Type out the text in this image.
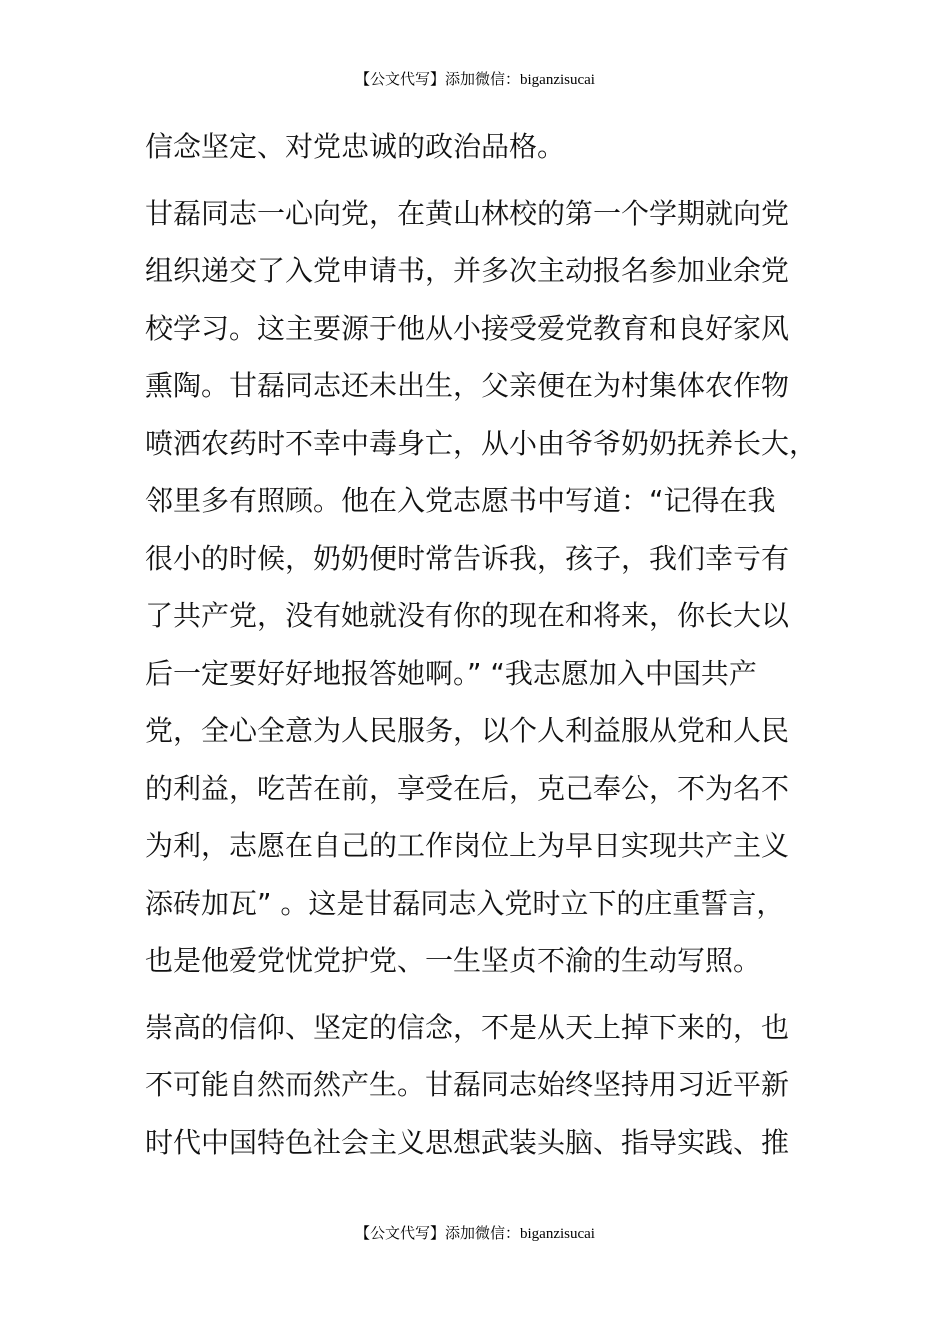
【公文代写】添加微信：biganzisucai

信念坚定、对党忠诚的政治品格。

甘磊同志一心向党，在黄山林校的第一个学期就向党
组织递交了入党申请书，并多次主动报名参加业余党
校学习。这主要源于他从小接受爱党教育和良好家风
熏陶。甘磊同志还未出生，父亲便在为村集体农作物
喷洒农药时不幸中毒身亡，从小由爷爷奶奶抚养长大，
邻里多有照顾。他在入党志愿书中写道：“记得在我
很小的时候，奶奶便时常告诉我，孩子，我们幸亏有
了共产党，没有她就没有你的现在和将来，你长大以
后一定要好好地报答她啊。” “我志愿加入中国共产
党，全心全意为人民服务，以个人利益服从党和人民
的利益，吃苦在前，享受在后，克己奉公，不为名不
为利，志愿在自己的工作岗位上为早日实现共产主义
添砖加瓦” 。这是甘磊同志入党时立下的庄重誓言，
也是他爱党忧党护党、一生坚贞不渝的生动写照。

崇高的信仰、坚定的信念，不是从天上掉下来的，也
不可能自然而然产生。甘磊同志始终坚持用习近平新
时代中国特色社会主义思想武装头脑、指导实践、推

【公文代写】添加微信：biganzisucai
